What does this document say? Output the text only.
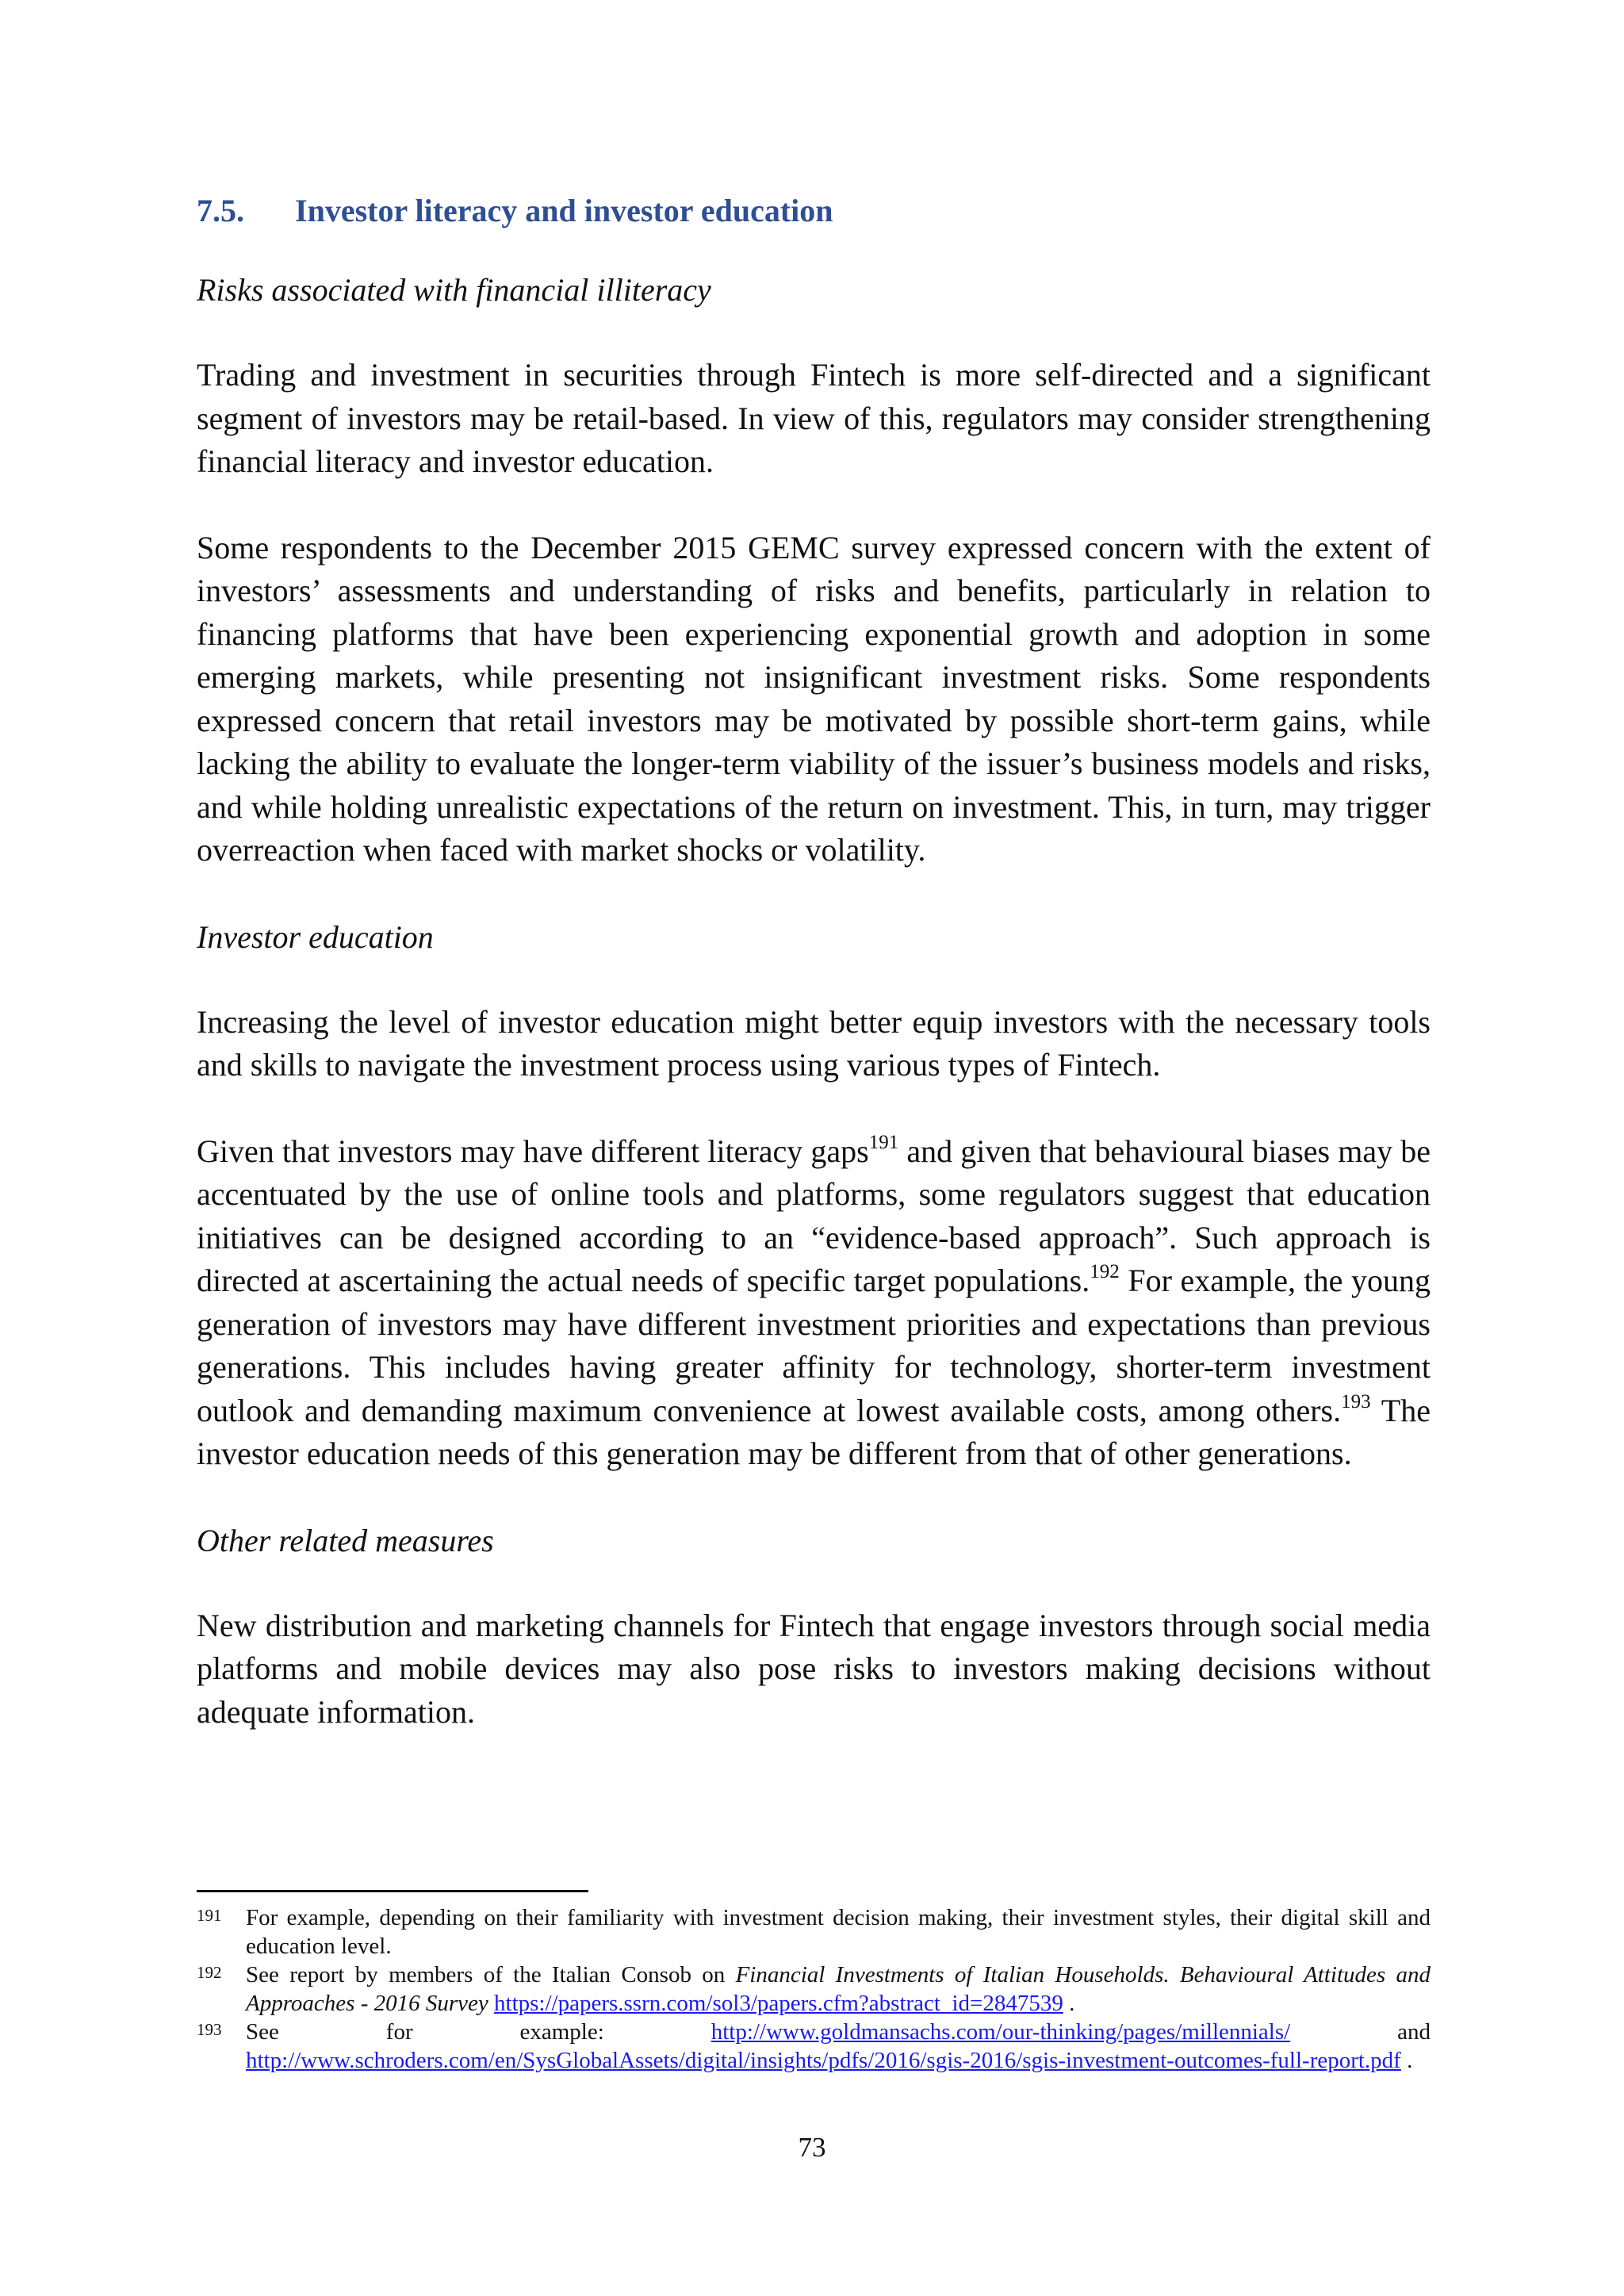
7.5.	Investor literacy and investor education
Risks associated with financial illiteracy

Trading and investment in securities through Fintech is more self-directed and a significant segment of investors may be retail-based. In view of this, regulators may consider strengthening financial literacy and investor education.

Some respondents to the December 2015 GEMC survey expressed concern with the extent of investors’ assessments and understanding of risks and benefits, particularly in relation to financing platforms that have been experiencing exponential growth and adoption in some emerging markets, while presenting not insignificant investment risks. Some respondents expressed concern that retail investors may be motivated by possible short-term gains, while lacking the ability to evaluate the longer-term viability of the issuer’s business models and risks, and while holding unrealistic expectations of the return on investment. This, in turn, may trigger overreaction when faced with market shocks or volatility.

Investor education

Increasing the level of investor education might better equip investors with the necessary tools and skills to navigate the investment process using various types of Fintech.

Given that investors may have different literacy gaps$^{191}$ and given that behavioural biases may be accentuated by the use of online tools and platforms, some regulators suggest that education initiatives can be designed according to an “evidence-based approach”. Such approach is directed at ascertaining the actual needs of specific target populations.$^{192}$ For example, the young generation of investors may have different investment priorities and expectations than previous generations. This includes having greater affinity for technology, shorter-term investment outlook and demanding maximum convenience at lowest available costs, among others.$^{193}$ The investor education needs of this generation may be different from that of other generations.

Other related measures

New distribution and marketing channels for Fintech that engage investors through social media platforms and mobile devices may also pose risks to investors making decisions without adequate information.

191	For example, depending on their familiarity with investment decision making, their investment styles, their digital skill and education level.
192	See report by members of the Italian Consob on Financial Investments of Italian Households. Behavioural Attitudes and Approaches - 2016 Survey https://papers.ssrn.com/sol3/papers.cfm?abstract_id=2847539 .
193	See for example: http://www.goldmansachs.com/our-thinking/pages/millennials/ and http://www.schroders.com/en/SysGlobalAssets/digital/insights/pdfs/2016/sgis-2016/sgis-investment-outcomes-full-report.pdf .
73
